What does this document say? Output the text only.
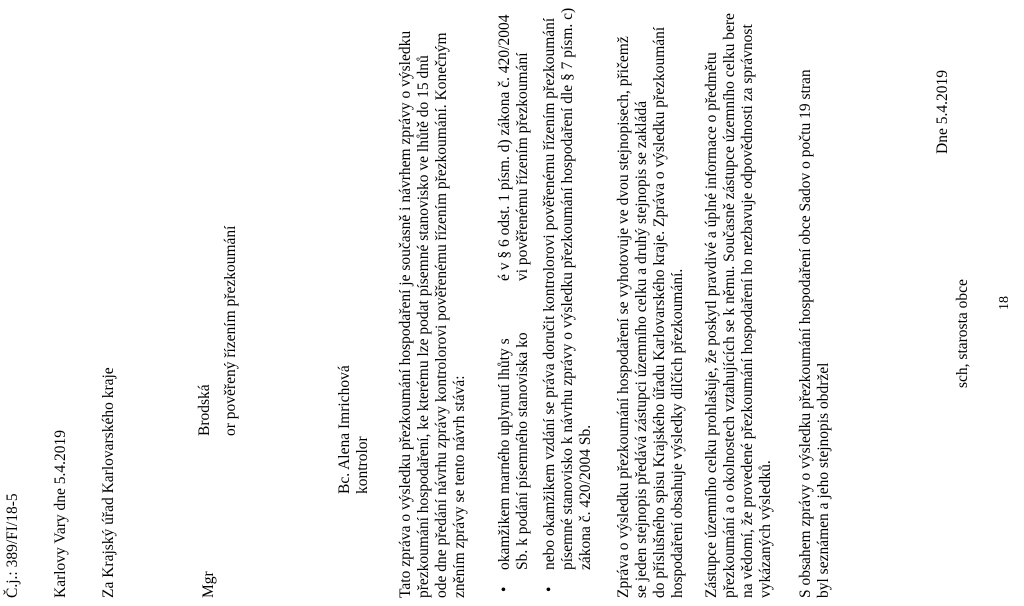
Č.j.: 389/FI/18-5 Karlovy Vary dne 5.4.2019 Za Krajský úřad Karlovarského kraje	Mgr
Brodská or pověřený řízením přezkoumání	Bc. Alena Imrichová kontrolor Tato zpráva o výsledku přezkoumání hospodaření je současně i návrhem zprávy o výsledku přezkoumání hospodaření, ke kterému lze podat písemné stanovisko ve lhůtě do 15 dnů ode dne předání návrhu zprávy kontrolorovi pověřenému řízením přezkoumání. Konečným zněním zprávy se tento návrh stává: •
okamžikem marného uplynutí lhůty s Sb. k podání písemného stanoviska ko
é v § 6 odst. 1 písm. d) zákona č. 420/2004 vi pověřenému řízením přezkoumání
•
nebo okamžikem vzdání se práva doručit kontrolorovi pověřenému řízením přezkoumání písemné stanovisko k návrhu zprávy o výsledku přezkoumání hospodaření dle § 7 písm. c) zákona č. 420/2004 Sb. Zpráva o výsledku přezkoumání hospodaření se vyhotovuje ve dvou stejnopisech, přičemž se jeden stejnopis předává zástupci územního celku a druhý stejnopis se zakládá do příslušného spisu Krajského úřadu Karlovarského kraje. Zpráva o výsledku přezkoumání hospodaření obsahuje výsledky dílčích přezkoumání. Zástupce územního celku prohlašuje, že poskytl pravdivé a úplné informace o předmětu přezkoumání a o okolnostech vztahujících se k němu. Současně zástupce územního celku bere na vědomí, že provedené přezkoumání hospodaření ho nezbavuje odpovědnosti za správnost vykázaných výsledků. S obsahem zprávy o výsledku přezkoumání hospodaření obce Sadov o počtu 19 stran byl seznámen a jeho stejnopis obdržel
Dne 5.4.2019
sch, starosta obce 18
